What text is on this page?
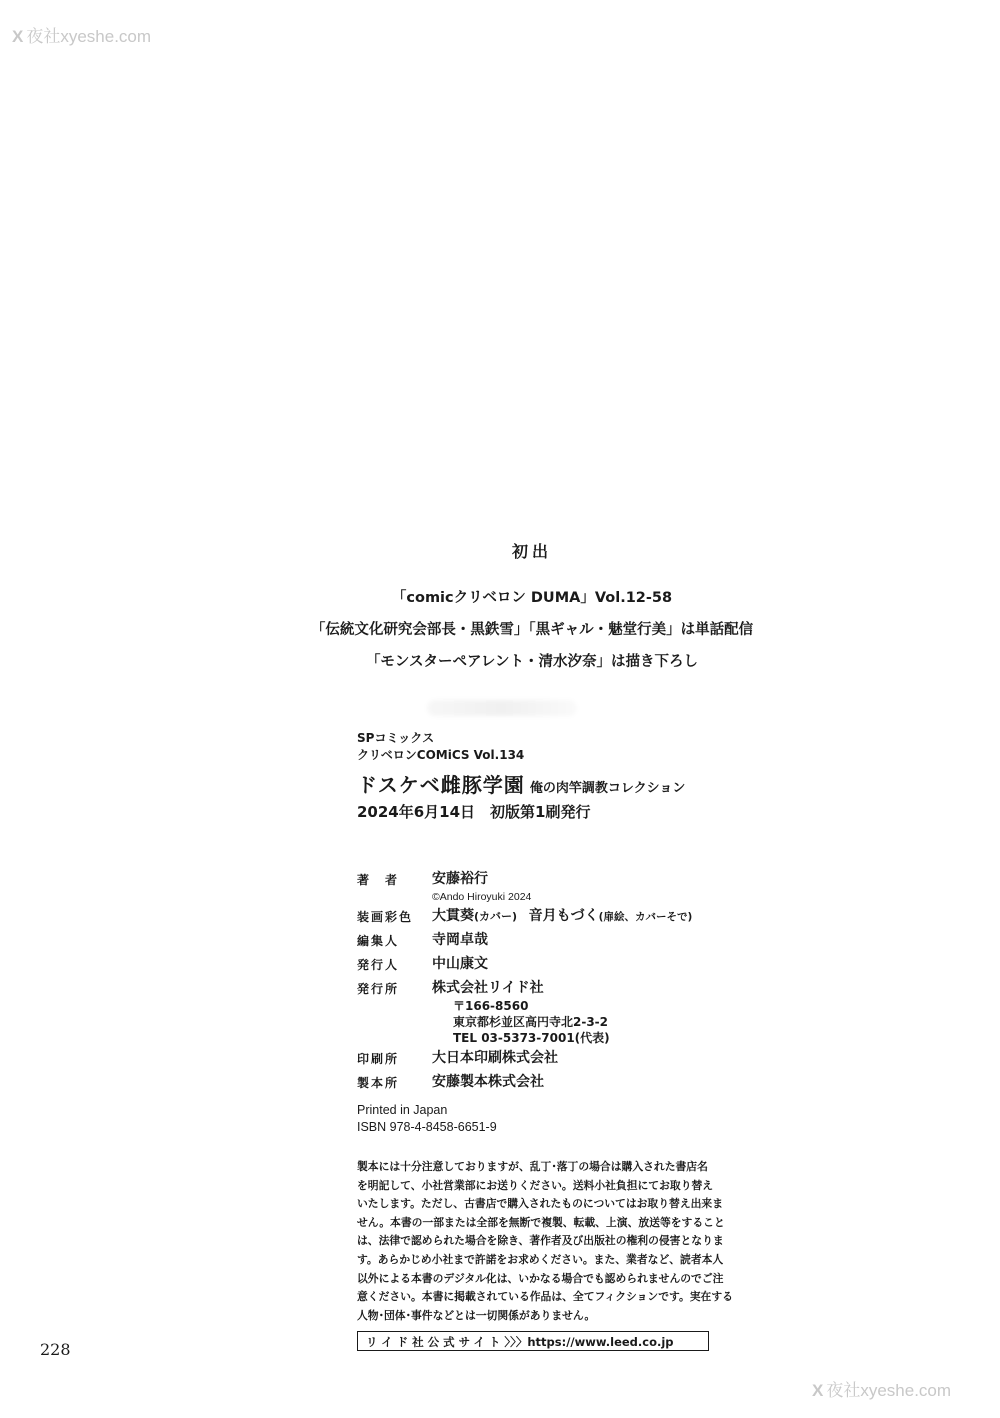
X 夜社xyeshe.com
X 夜社xyeshe.com
初出
「comicクリベロン DUMA」Vol.12-58
「伝統文化研究会部長・黒鉄雪」「黒ギャル・魅堂行美」は単話配信
「モンスターペアレント・清水汐奈」は描き下ろし
SPコミックス
クリベロンCOMiCS Vol.134
ドスケベ雌豚学園 俺の肉竿調教コレクション
2024年6月14日　初版第1刷発行
著　者 安藤裕行
©Ando Hiroyuki 2024
装画彩色 大貫葵(カバー) 音月もづく(扉絵、カバーそで)
編集人 寺岡卓哉
発行人 中山康文
発行所 株式会社リイド社
〒166-8560
東京都杉並区高円寺北2-3-2
TEL 03-5373-7001(代表)
印刷所 大日本印刷株式会社
製本所 安藤製本株式会社
Printed in Japan
ISBN 978-4-8458-6651-9
製本には十分注意しておりますが、乱丁･落丁の場合は購入された書店名
を明記して、小社営業部にお送りください。送料小社負担にてお取り替え
いたします。ただし、古書店で購入されたものについてはお取り替え出来ま
せん。本書の一部または全部を無断で複製、転載、上演、放送等をすること
は、法律で認められた場合を除き、著作者及び出版社の権利の侵害となりま
す。あらかじめ小社まで許諾をお求めください。また、業者など、読者本人
以外による本書のデジタル化は、いかなる場合でも認められませんのでご注
意ください。本書に掲載されている作品は、全てフィクションです。実在する
人物･団体･事件などとは一切関係がありません。
リイド社公式サイト〉〉〉https://www.leed.co.jp
228
